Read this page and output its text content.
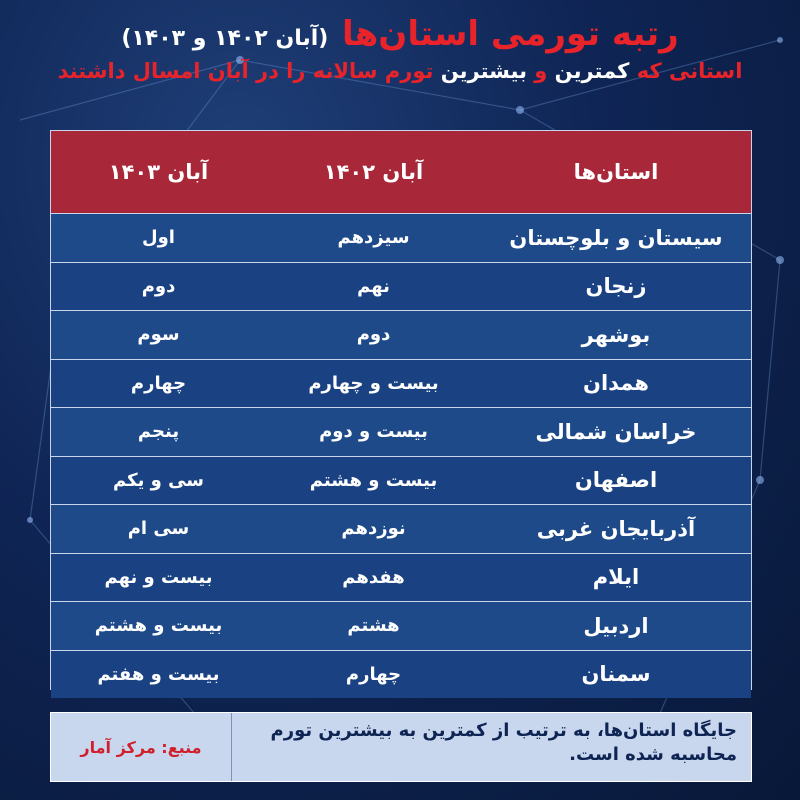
رتبه تورمی استان‌ها (آبان ۱۴۰۲ و ۱۴۰۳)
استانی که کمترین و بیشترین تورم سالانه را در آبان امسال داشتند
استان‌ها
آبان ۱۴۰۲
آبان ۱۴۰۳
سیستان و بلوچستان
سیزدهم
اول
زنجان
نهم
دوم
بوشهر
دوم
سوم
همدان
بیست و چهارم
چهارم
خراسان شمالی
بیست و دوم
پنجم
اصفهان
بیست و هشتم
سی و یکم
آذربایجان غربی
نوزدهم
سی ام
ایلام
هفدهم
بیست و نهم
اردبیل
هشتم
بیست و هشتم
سمنان
چهارم
بیست و هفتم
جایگاه استان‌ها، به ترتیب از کمترین به بیشترین تورم محاسبه شده است.
منبع: مرکز آمار
